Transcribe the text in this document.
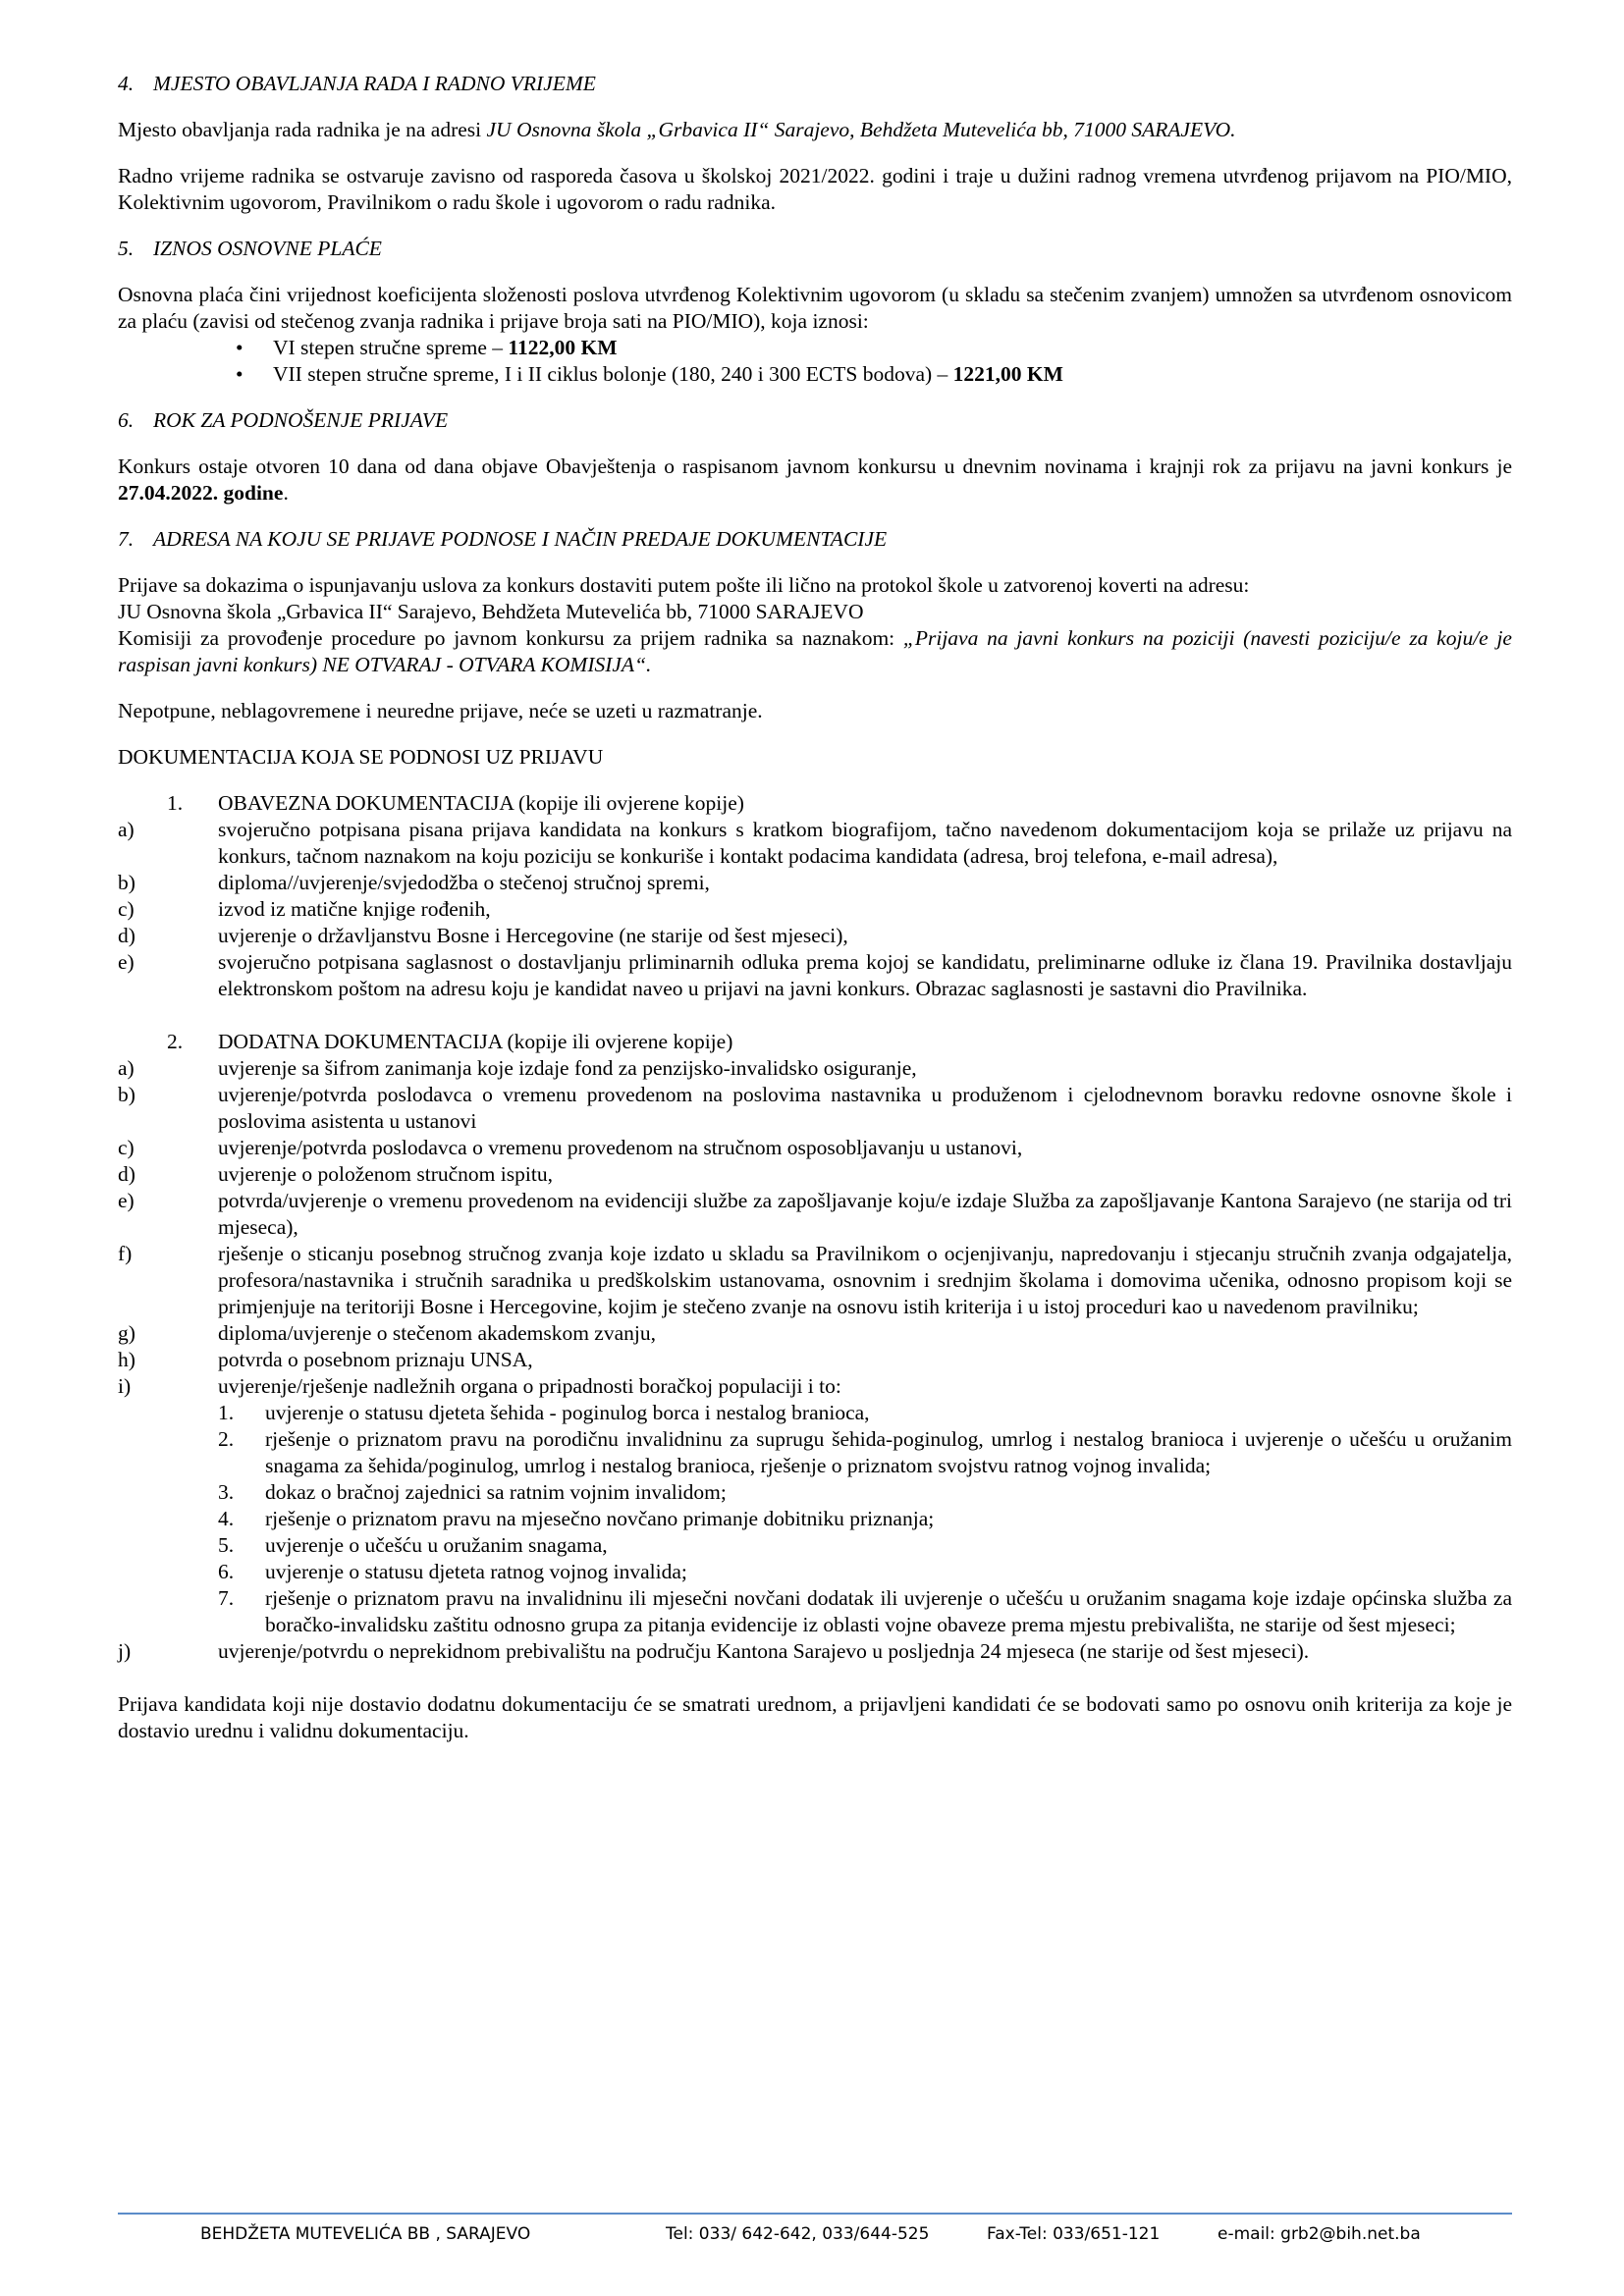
4. MJESTO OBAVLJANJA RADA I RADNO VRIJEME

Mjesto obavljanja rada radnika je na adresi JU Osnovna škola „Grbavica II“ Sarajevo, Behdžeta Mutevelića bb, 71000 SARAJEVO.

Radno vrijeme radnika se ostvaruje zavisno od rasporeda časova u školskoj 2021/2022. godini i traje u dužini radnog vremena utvrđenog prijavom na PIO/MIO, Kolektivnim ugovorom, Pravilnikom o radu škole i ugovorom o radu radnika.

5. IZNOS OSNOVNE PLAĆE

Osnovna plaća čini vrijednost koeficijenta složenosti poslova utvrđenog Kolektivnim ugovorom (u skladu sa stečenim zvanjem) umnožen sa utvrđenom osnovicom za plaću (zavisi od stečenog zvanja radnika i prijave broja sati na PIO/MIO), koja iznosi:

• VI stepen stručne spreme – 1122,00 KM
• VII stepen stručne spreme, I i II ciklus bolonje (180, 240 i 300 ECTS bodova) – 1221,00 KM
6. ROK ZA PODNOŠENJE PRIJAVE

Konkurs ostaje otvoren 10 dana od dana objave Obavještenja o raspisanom javnom konkursu u dnevnim novinama i krajnji rok za prijavu na javni konkurs je 27.04.2022. godine.

7. ADRESA NA KOJU SE PRIJAVE PODNOSE I NAČIN PREDAJE DOKUMENTACIJE
Prijave sa dokazima o ispunjavanju uslova za konkurs dostaviti putem pošte ili lično na protokol škole u zatvorenoj koverti na adresu:
JU Osnovna škola „Grbavica II“ Sarajevo, Behdžeta Mutevelića bb, 71000 SARAJEVO
Komisiji za provođenje procedure po javnom konkursu za prijem radnika sa naznakom: „Prijava na javni konkurs na poziciji (navesti poziciju/e za koju/e je raspisan javni konkurs) NE OTVARAJ - OTVARA KOMISIJA“.

Nepotpune, neblagovremene i neuredne prijave, neće se uzeti u razmatranje.

DOKUMENTACIJA KOJA SE PODNOSI UZ PRIJAVU

1.	OBAVEZNA DOKUMENTACIJA (kopije ili ovjerene kopije)
a)	svojeručno potpisana pisana prijava kandidata na konkurs s kratkom biografijom, tačno navedenom dokumentacijom koja se prilaže uz prijavu na konkurs, tačnom naznakom na koju poziciju se konkuriše i kontakt podacima kandidata (adresa, broj telefona, e-mail adresa),
b)	diploma//uvjerenje/svjedodžba o stečenoj stručnoj spremi,
c)	izvod iz matične knjige rođenih,
d)	uvjerenje o državljanstvu Bosne i Hercegovine (ne starije od šest mjeseci),
e)	svojeručno potpisana saglasnost o dostavljanju prliminarnih odluka prema kojoj se kandidatu, preliminarne odluke iz člana 19. Pravilnika dostavljaju elektronskom poštom na adresu koju je kandidat naveo u prijavi na javni konkurs. Obrazac saglasnosti je sastavni dio Pravilnika.
2.	DODATNA DOKUMENTACIJA (kopije ili ovjerene kopije)
a)	uvjerenje sa šifrom zanimanja koje izdaje fond za penzijsko-invalidsko osiguranje,
b)	uvjerenje/potvrda poslodavca o vremenu provedenom na poslovima nastavnika u produženom i cjelodnevnom boravku redovne osnovne škole i poslovima asistenta u ustanovi
c)	uvjerenje/potvrda poslodavca o vremenu provedenom na stručnom osposobljavanju u ustanovi,
d)	uvjerenje o položenom stručnom ispitu,
e)	potvrda/uvjerenje o vremenu provedenom na evidenciji službe za zapošljavanje koju/e izdaje Služba za zapošljavanje Kantona Sarajevo (ne starija od tri mjeseca),
f)	rješenje o sticanju posebnog stručnog zvanja koje izdato u skladu sa Pravilnikom o ocjenjivanju, napredovanju i stjecanju stručnih zvanja odgajatelja, profesora/nastavnika i stručnih saradnika u predškolskim ustanovama, osnovnim i srednjim školama i domovima učenika, odnosno propisom koji se primjenjuje na teritoriji Bosne i Hercegovine, kojim je stečeno zvanje na osnovu istih kriterija i u istoj proceduri kao u navedenom pravilniku;
g)	diploma/uvjerenje o stečenom akademskom zvanju,
h)	potvrda o posebnom priznaju UNSA,
i)	uvjerenje/rješenje nadležnih organa o pripadnosti boračkoj populaciji i to:
1.	uvjerenje o statusu djeteta šehida - poginulog borca i nestalog branioca,
2.	rješenje o priznatom pravu na porodičnu invalidninu za suprugu šehida-poginulog, umrlog i nestalog branioca i uvjerenje o učešću u oružanim snagama za šehida/poginulog, umrlog i nestalog branioca, rješenje o priznatom svojstvu ratnog vojnog invalida;
3.	dokaz o bračnoj zajednici sa ratnim vojnim invalidom;
4.	rješenje o priznatom pravu na mjesečno novčano primanje dobitniku priznanja;
5.	uvjerenje o učešću u oružanim snagama,
6.	uvjerenje o statusu djeteta ratnog vojnog invalida;
7.	rješenje o priznatom pravu na invalidninu ili mjesečni novčani dodatak ili uvjerenje o učešću u oružanim snagama koje izdaje općinska služba za boračko-invalidsku zaštitu odnosno grupa za pitanja evidencije iz oblasti vojne obaveze prema mjestu prebivališta, ne starije od šest mjeseci;
j)	uvjerenje/potvrdu o neprekidnom prebivalištu na području Kantona Sarajevo u posljednja 24 mjeseca (ne starije od šest mjeseci).

Prijava kandidata koji nije dostavio dodatnu dokumentaciju će se smatrati urednom, a prijavljeni kandidati će se bodovati samo po osnovu onih kriterija za koje je dostavio urednu i validnu dokumentaciju.

BEHDŽETA MUTEVELIĆA BB , SARAJEVO	Tel: 033/ 642-642, 033/644-525	Fax-Tel: 033/651-121	e-mail: grb2@bih.net.ba
